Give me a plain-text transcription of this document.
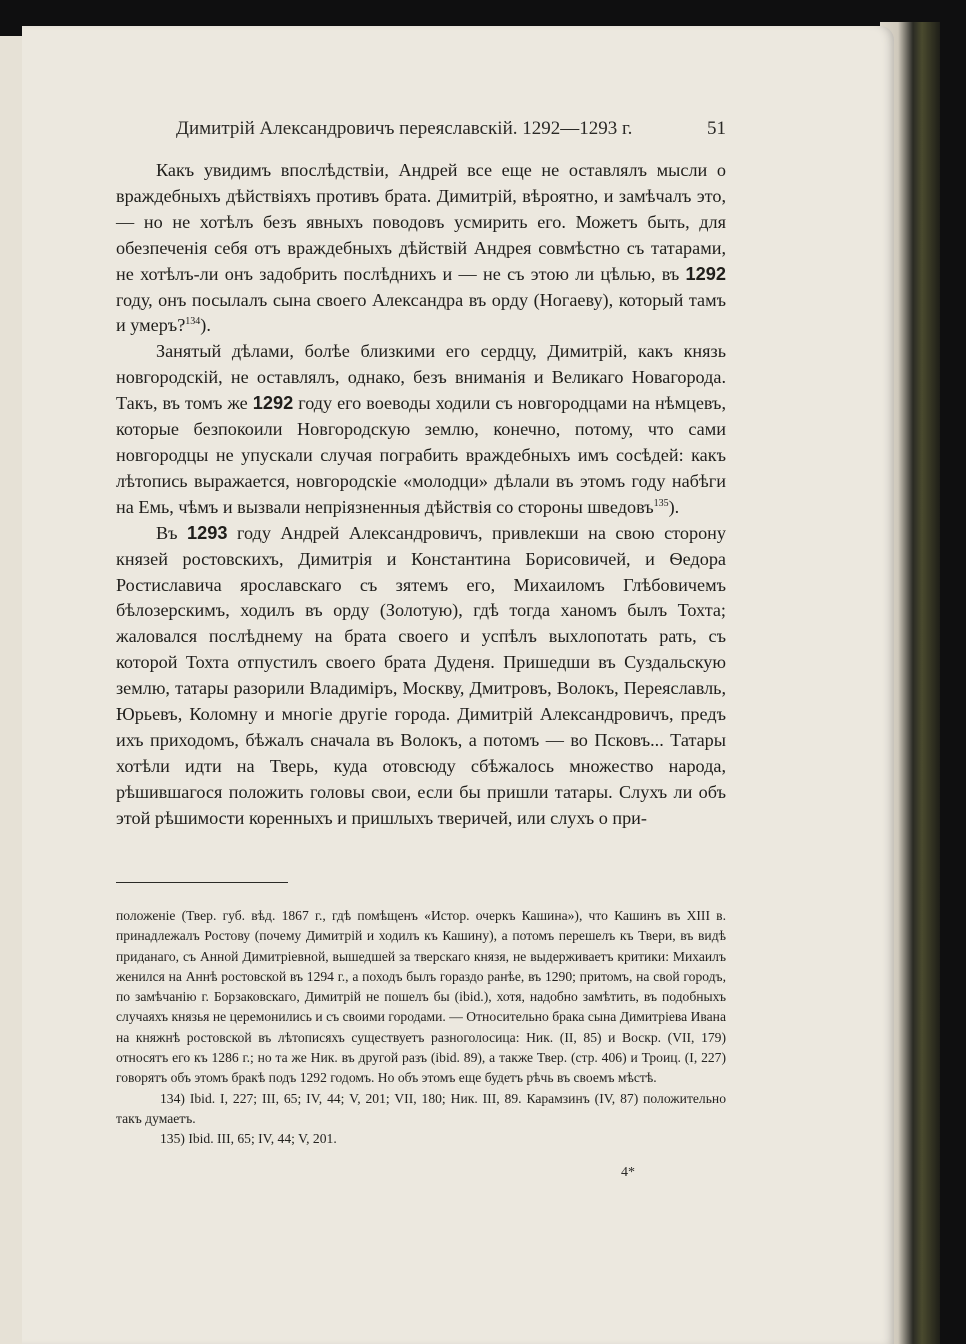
Димитрій Александровичъ переяславскій. 1292—1293 г.	51

Какъ увидимъ впослѣдствіи, Андрей все еще не оставлялъ мысли о враждебныхъ дѣйствіяхъ противъ брата. Димитрій, вѣроятно, и замѣчалъ это, — но не хотѣлъ безъ явныхъ поводовъ усмирить его. Можетъ быть, для обезпеченія себя отъ враждебныхъ дѣйствій Андрея совмѣстно съ татарами, не хотѣлъ-ли онъ задобрить послѣднихъ и — не съ этою ли цѣлью, въ 1292 году, онъ посылалъ сына своего Александра въ орду (Ногаеву), который тамъ и умеръ?$^{134}$).

Занятый дѣлами, болѣе близкими его сердцу, Димитрій, какъ князь новгородскій, не оставлялъ, однако, безъ вниманія и Великаго Новагорода. Такъ, въ томъ же 1292 году его воеводы ходили съ новгородцами на нѣмцевъ, которые безпокоили Новгородскую землю, конечно, потому, что сами новгородцы не упускали случая пограбить враждебныхъ имъ сосѣдей: какъ лѣтопись выражается, новгородскіе «молодци» дѣлали въ этомъ году набѣги на Емь, чѣмъ и вызвали непріязненныя дѣйствія со стороны шведовъ$^{135}$).

Въ 1293 году Андрей Александровичъ, привлекши на свою сторону князей ростовскихъ, Димитрія и Константина Борисовичей, и Ѳедора Ростиславича ярославскаго съ зятемъ его, Михаиломъ Глѣбовичемъ бѣлозерскимъ, ходилъ въ орду (Золотую), гдѣ тогда ханомъ былъ Тохта; жаловался послѣднему на брата своего и успѣлъ выхлопотать рать, съ которой Тохта отпустилъ своего брата Дуденя. Пришедши въ Суздальскую землю, татары разорили Владиміръ, Москву, Дмитровъ, Волокъ, Переяславль, Юрьевъ, Коломну и многіе другіе города. Димитрій Александровичъ, предъ ихъ приходомъ, бѣжалъ сначала въ Волокъ, а потомъ — во Псковъ... Татары хотѣли идти на Тверь, куда отовсюду сбѣжалось множество народа, рѣшившагося положить головы свои, если бы пришли татары. Слухъ ли объ этой рѣшимости коренныхъ и пришлыхъ тверичей, или слухъ о при-

положеніе (Твер. губ. вѣд. 1867 г., гдѣ помѣщенъ «Истор. очеркъ Кашина»), что Кашинъ въ XIII в. принадлежалъ Ростову (почему Димитрій и ходилъ къ Кашину), а потомъ перешелъ къ Твери, въ видѣ приданаго, съ Анной Димитріевной, вышедшей за тверскаго князя, не выдерживаетъ критики: Михаилъ женился на Аннѣ ростовской въ 1294 г., а походъ былъ гораздо ранѣе, въ 1290; притомъ, на свой городъ, по замѣчанію г. Борзаковскаго, Димитрій не пошелъ бы (ibid.), хотя, надобно замѣтить, въ подобныхъ случаяхъ князья не церемонились и съ своими городами. — Относительно брака сына Димитріева Ивана на княжнѣ ростовской въ лѣтописяхъ существуетъ разноголосица: Ник. (II, 85) и Воскр. (VII, 179) относятъ его къ 1286 г.; но та же Ник. въ другой разъ (ibid. 89), а также Твер. (стр. 406) и Троиц. (I, 227) говорятъ объ этомъ бракѣ подъ 1292 годомъ. Но объ этомъ еще будетъ рѣчь въ своемъ мѣстѣ.

134) Ibid. I, 227; III, 65; IV, 44; V, 201; VII, 180; Ник. III, 89. Карамзинъ (IV, 87) положительно такъ думаетъ.

135) Ibid. III, 65; IV, 44; V, 201.

4*
